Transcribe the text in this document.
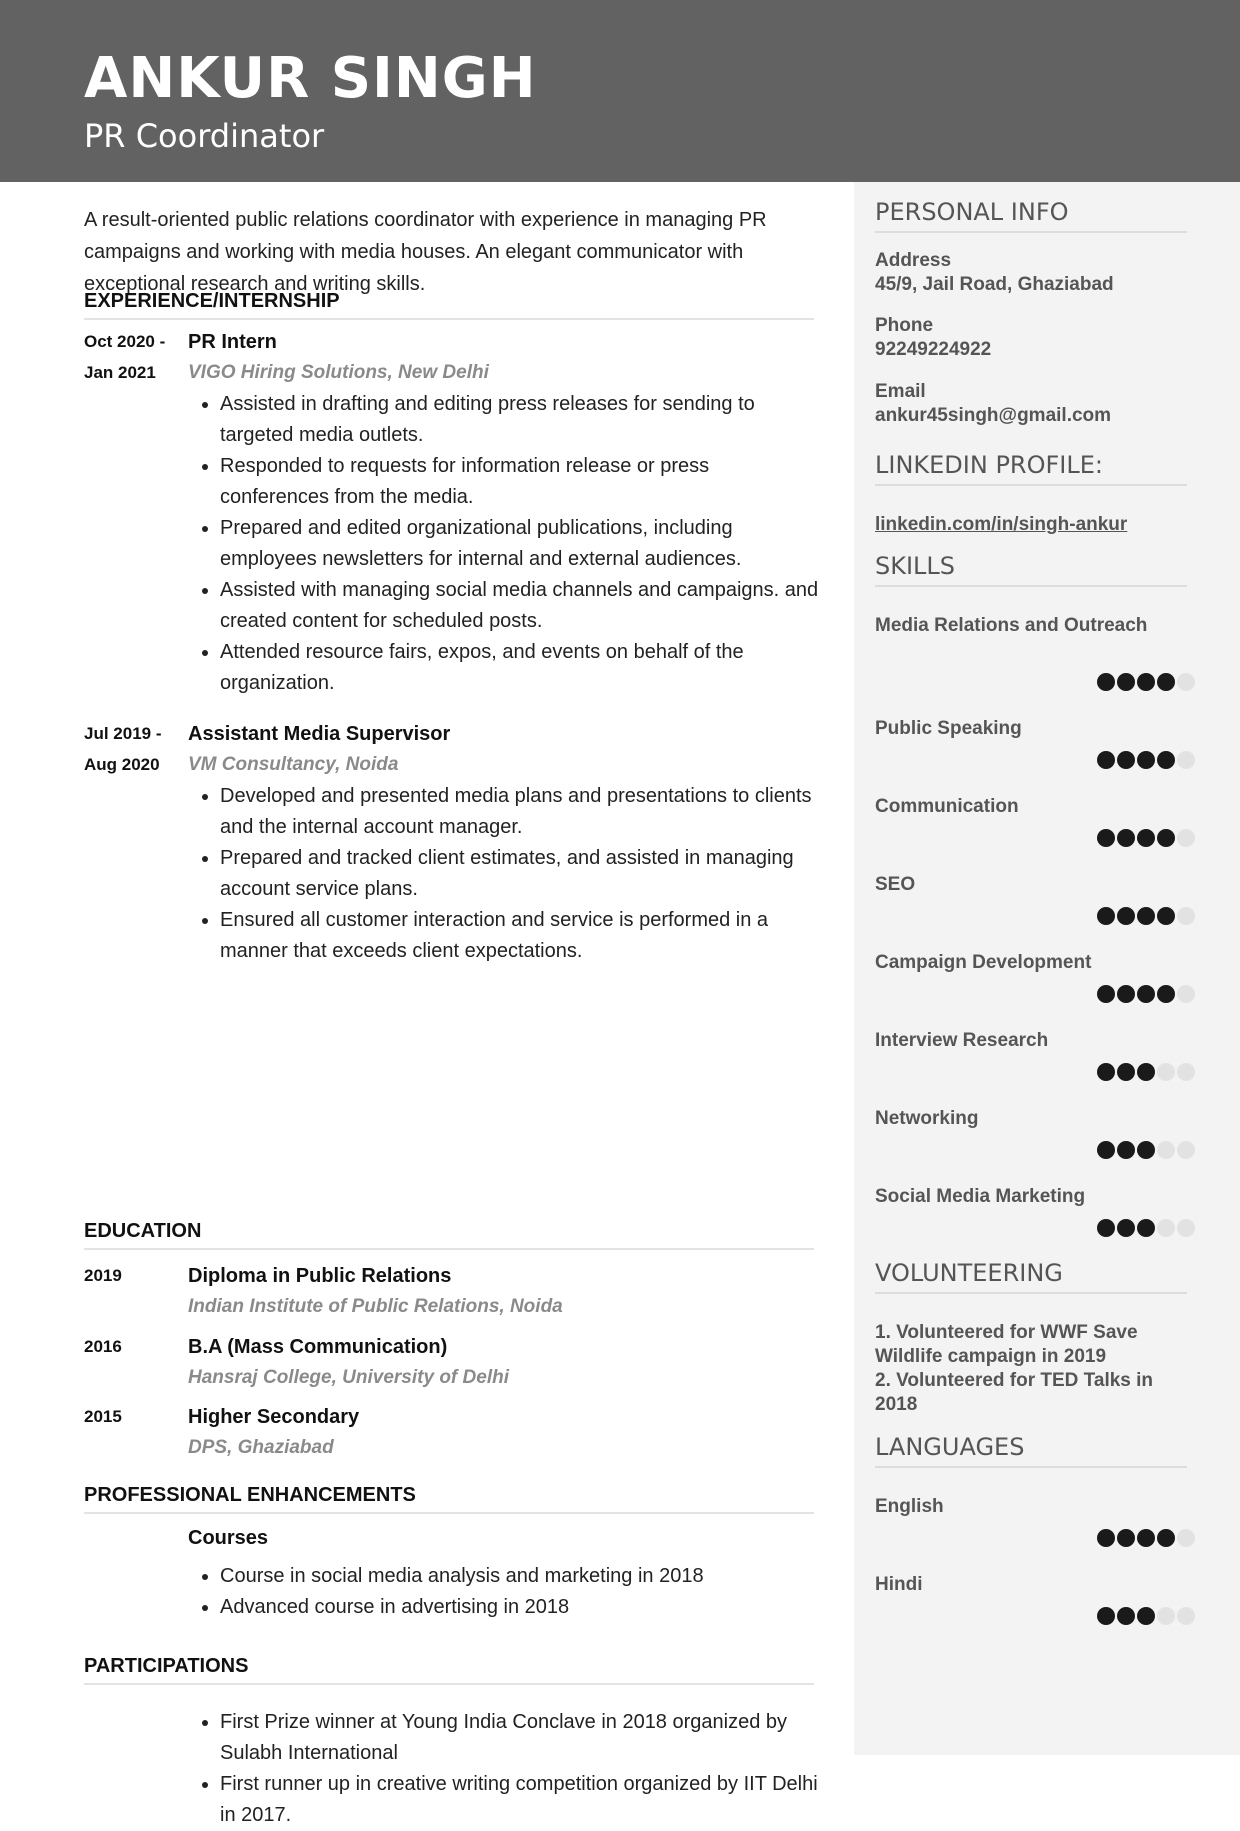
ANKUR SINGH
PR Coordinator
A result-oriented public relations coordinator with experience in managing PR campaigns and working with media houses. An elegant communicator with exceptional research and writing skills.
EXPERIENCE/INTERNSHIP
Oct 2020 -
Jan 2021
PR Intern
VIGO Hiring Solutions, New Delhi
• Assisted in drafting and editing press releases for sending to targeted media outlets.
• Responded to requests for information release or press conferences from the media.
• Prepared and edited organizational publications, including employees newsletters for internal and external audiences.
• Assisted with managing social media channels and campaigns. and created content for scheduled posts.
• Attended resource fairs, expos, and events on behalf of the organization.
Jul 2019 -
Aug 2020
Assistant Media Supervisor
VM Consultancy, Noida
• Developed and presented media plans and presentations to clients and the internal account manager.
• Prepared and tracked client estimates, and assisted in managing account service plans.
• Ensured all customer interaction and service is performed in a manner that exceeds client expectations.
EDUCATION
2019	Diploma in Public Relations
Indian Institute of Public Relations, Noida
2016	B.A (Mass Communication)
Hansraj College, University of Delhi
2015	Higher Secondary
DPS, Ghaziabad
PROFESSIONAL ENHANCEMENTS
Courses
• Course in social media analysis and marketing in 2018
• Advanced course in advertising in 2018
PARTICIPATIONS
• First Prize winner at Young India Conclave in 2018 organized by Sulabh International
• First runner up in creative writing competition organized by IIT Delhi in 2017.
PERSONAL INFO
Address
45/9, Jail Road, Ghaziabad
Phone
92249224922
Email
ankur45singh@gmail.com
LINKEDIN PROFILE:
linkedin.com/in/singh-ankur
SKILLS
Media Relations and Outreach
Public Speaking
Communication
SEO
Campaign Development
Interview Research
Networking
Social Media Marketing
VOLUNTEERING
1. Volunteered for WWF Save Wildlife campaign in 2019
2. Volunteered for TED Talks in 2018
LANGUAGES
English
Hindi
